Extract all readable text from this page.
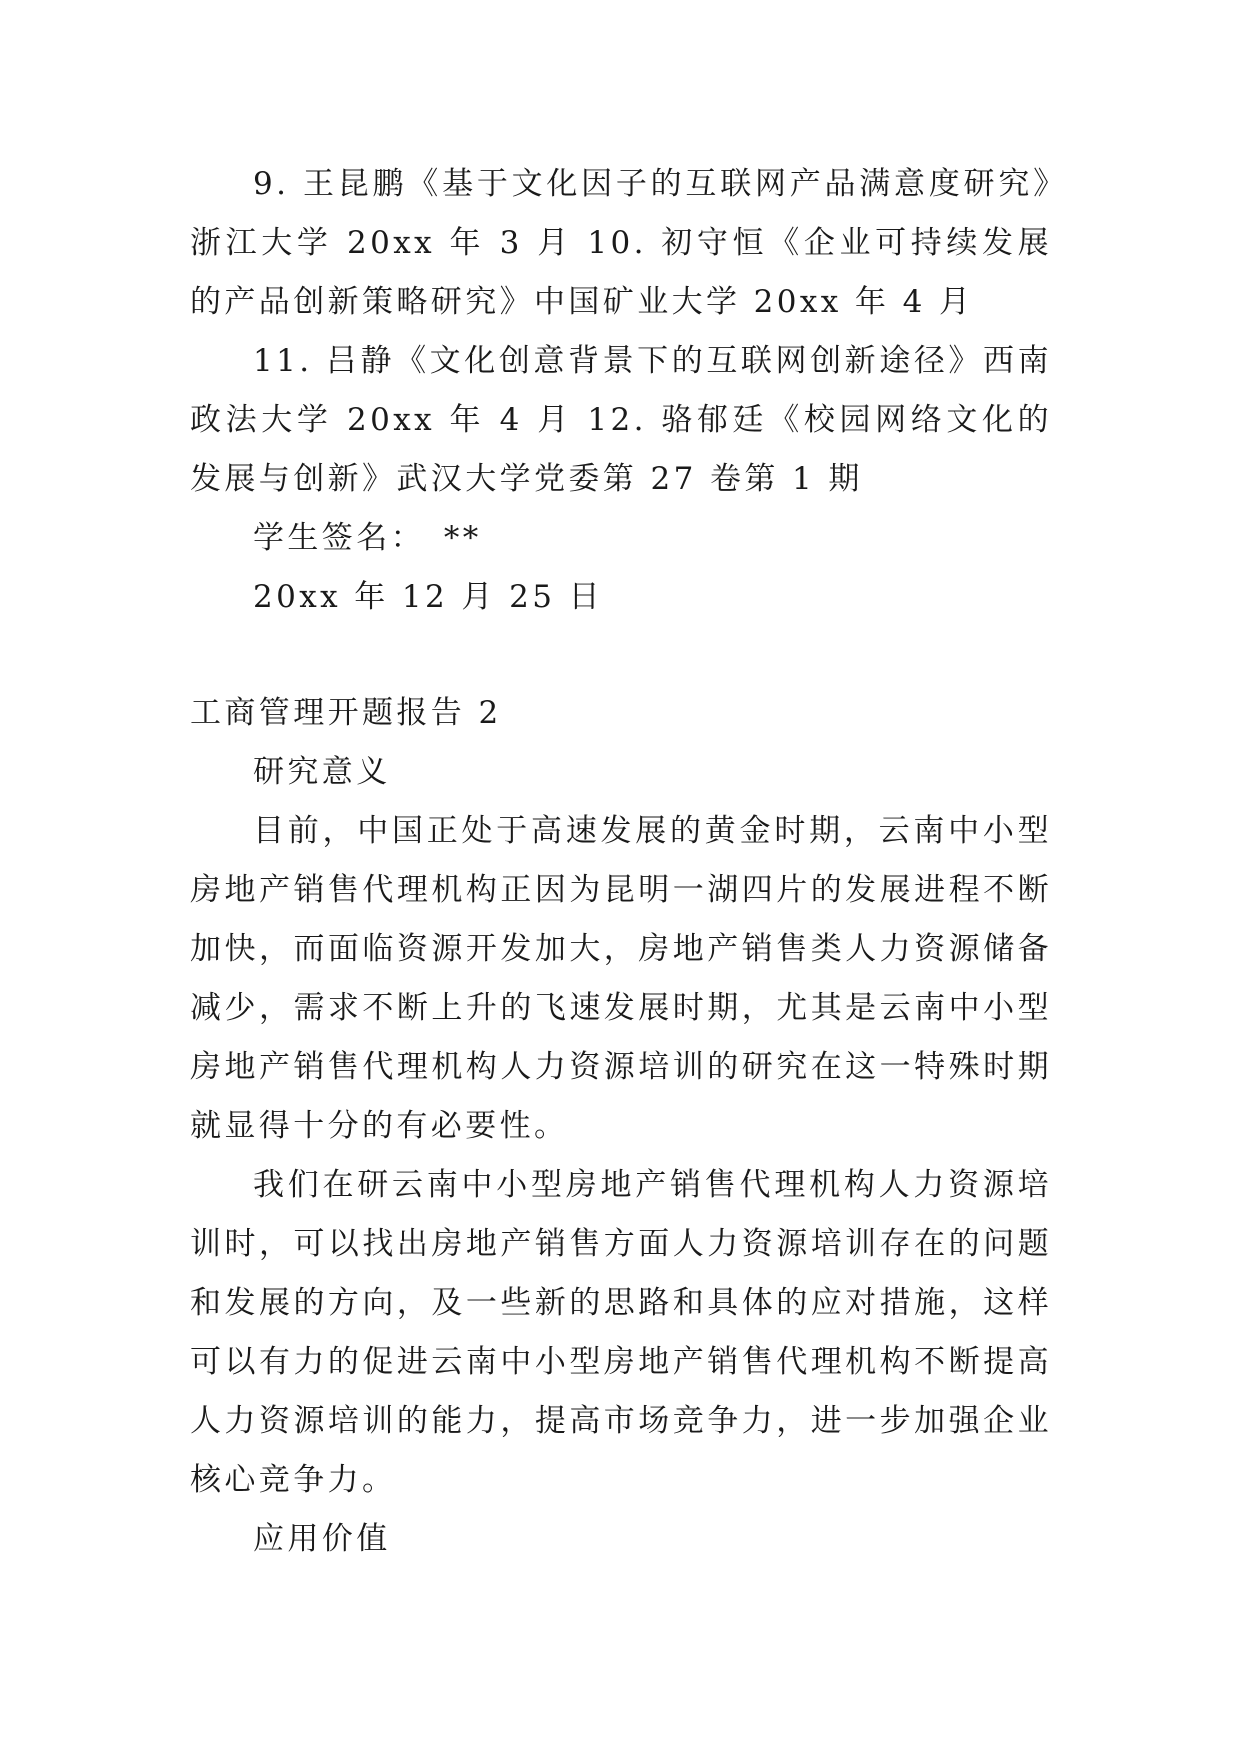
9. 王昆鹏《基于文化因子的互联网产品满意度研究》浙江大学 20xx 年 3 月 10. 初守恒《企业可持续发展的产品创新策略研究》中国矿业大学 20xx 年 4 月

11. 吕静《文化创意背景下的互联网创新途径》西南政法大学 20xx 年 4 月 12. 骆郁廷《校园网络文化的发展与创新》武汉大学党委第 27 卷第 1 期

学生签名：　**

20xx 年 12 月 25 日

工商管理开题报告 2

研究意义

目前，中国正处于高速发展的黄金时期，云南中小型房地产销售代理机构正因为昆明一湖四片的发展进程不断加快，而面临资源开发加大，房地产销售类人力资源储备减少，需求不断上升的飞速发展时期，尤其是云南中小型房地产销售代理机构人力资源培训的研究在这一特殊时期就显得十分的有必要性。

我们在研云南中小型房地产销售代理机构人力资源培训时，可以找出房地产销售方面人力资源培训存在的问题和发展的方向，及一些新的思路和具体的应对措施，这样可以有力的促进云南中小型房地产销售代理机构不断提高人力资源培训的能力，提高市场竞争力，进一步加强企业核心竞争力。

应用价值
